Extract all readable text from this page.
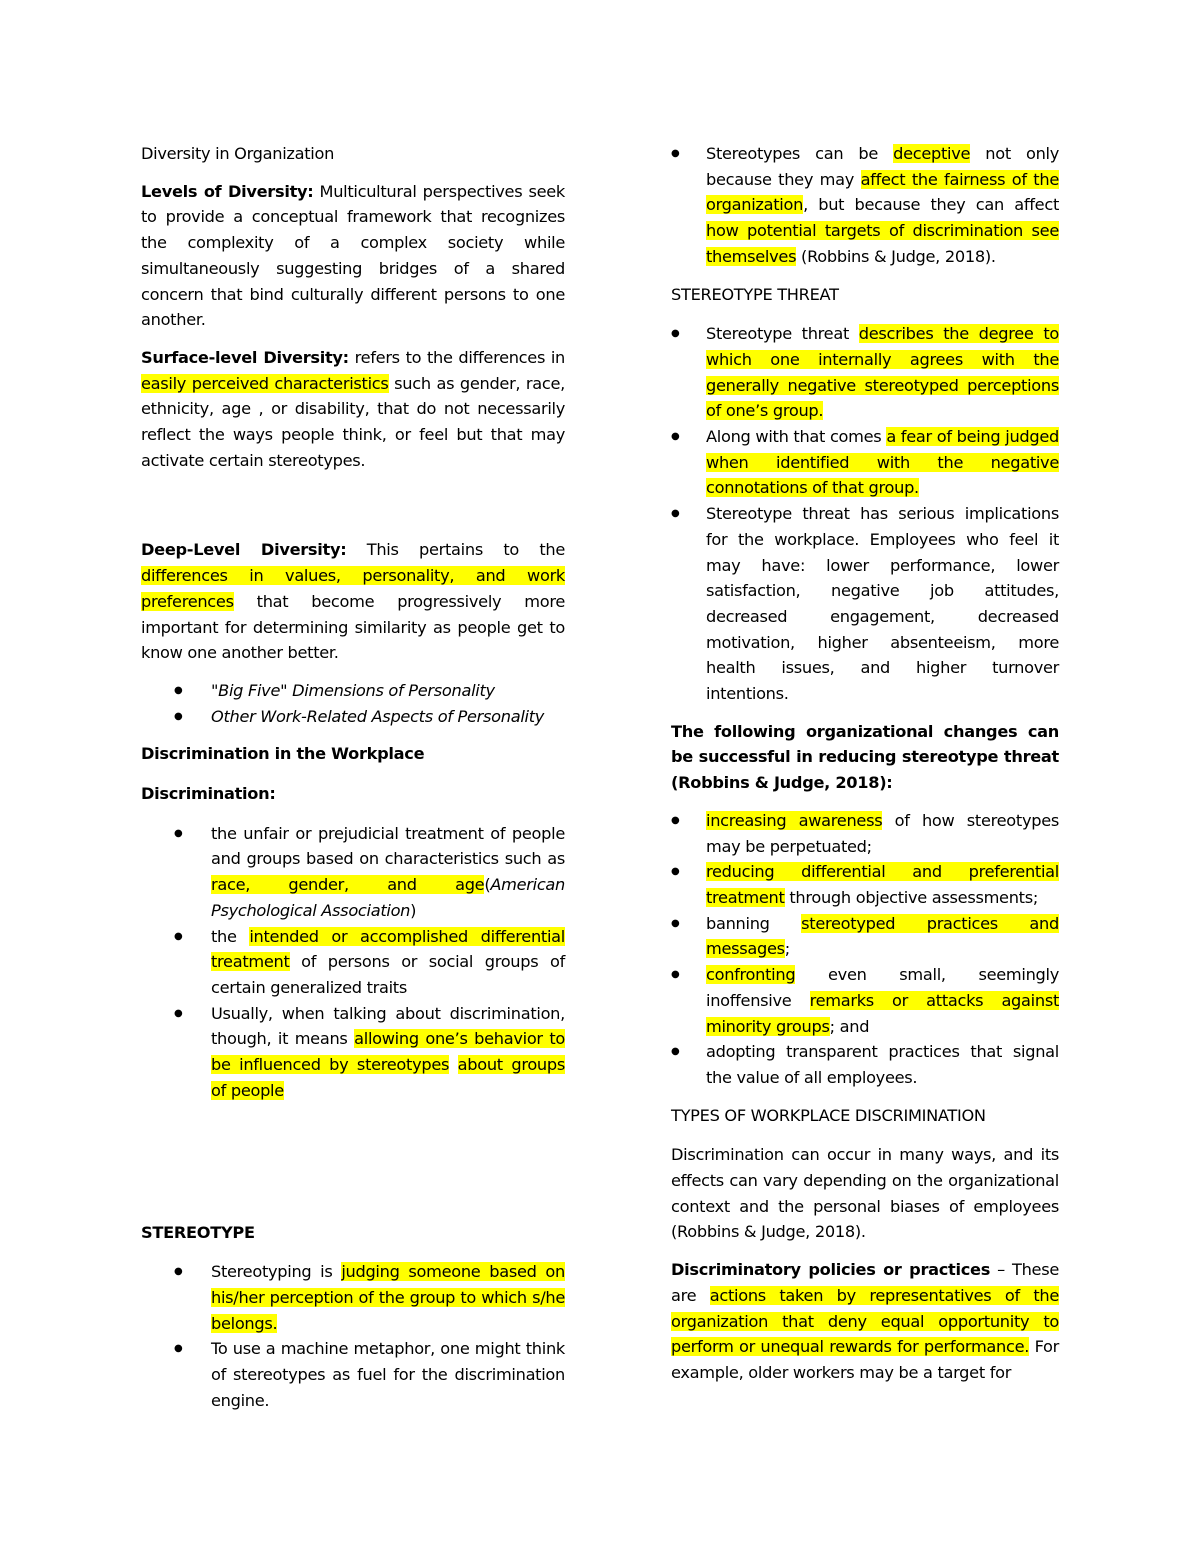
Diversity in Organization

Levels of Diversity: Multicultural perspectives seek to provide a conceptual framework that recognizes the complexity of a complex society while simultaneously suggesting bridges of a shared concern that bind culturally different persons to one another.

Surface-level Diversity: refers to the differences in easily perceived characteristics such as gender, race, ethnicity, age , or disability, that do not necessarily reflect the ways people think, or feel but that may activate certain stereotypes.

Deep-Level Diversity: This pertains to the differences in values, personality, and work preferences that become progressively more important for determining similarity as people get to know one another better.

● "Big Five" Dimensions of Personality
● Other Work-Related Aspects of Personality

Discrimination in the Workplace

Discrimination:

● the unfair or prejudicial treatment of people and groups based on characteristics such as race, gender, and age(American Psychological Association)
● the intended or accomplished differential treatment of persons or social groups of certain generalized traits
● Usually, when talking about discrimination, though, it means allowing one’s behavior to be influenced by stereotypes about groups of people

STEREOTYPE

● Stereotyping is judging someone based on his/her perception of the group to which s/he belongs.
● To use a machine metaphor, one might think of stereotypes as fuel for the discrimination engine.
● Stereotypes can be deceptive not only because they may affect the fairness of the organization, but because they can affect how potential targets of discrimination see themselves (Robbins & Judge, 2018).

STEREOTYPE THREAT

● Stereotype threat describes the degree to which one internally agrees with the generally negative stereotyped perceptions of one’s group.
● Along with that comes a fear of being judged when identified with the negative connotations of that group.
● Stereotype threat has serious implications for the workplace. Employees who feel it may have: lower performance, lower satisfaction, negative job attitudes, decreased engagement, decreased motivation, higher absenteeism, more health issues, and higher turnover intentions.

The following organizational changes can be successful in reducing stereotype threat (Robbins & Judge, 2018):

● increasing awareness of how stereotypes may be perpetuated;
● reducing differential and preferential treatment through objective assessments;
● banning stereotyped practices and messages;
● confronting even small, seemingly inoffensive remarks or attacks against minority groups; and
● adopting transparent practices that signal the value of all employees.

TYPES OF WORKPLACE DISCRIMINATION

Discrimination can occur in many ways, and its effects can vary depending on the organizational context and the personal biases of employees (Robbins & Judge, 2018).

Discriminatory policies or practices – These are actions taken by representatives of the organization that deny equal opportunity to perform or unequal rewards for performance. For example, older workers may be a target for
